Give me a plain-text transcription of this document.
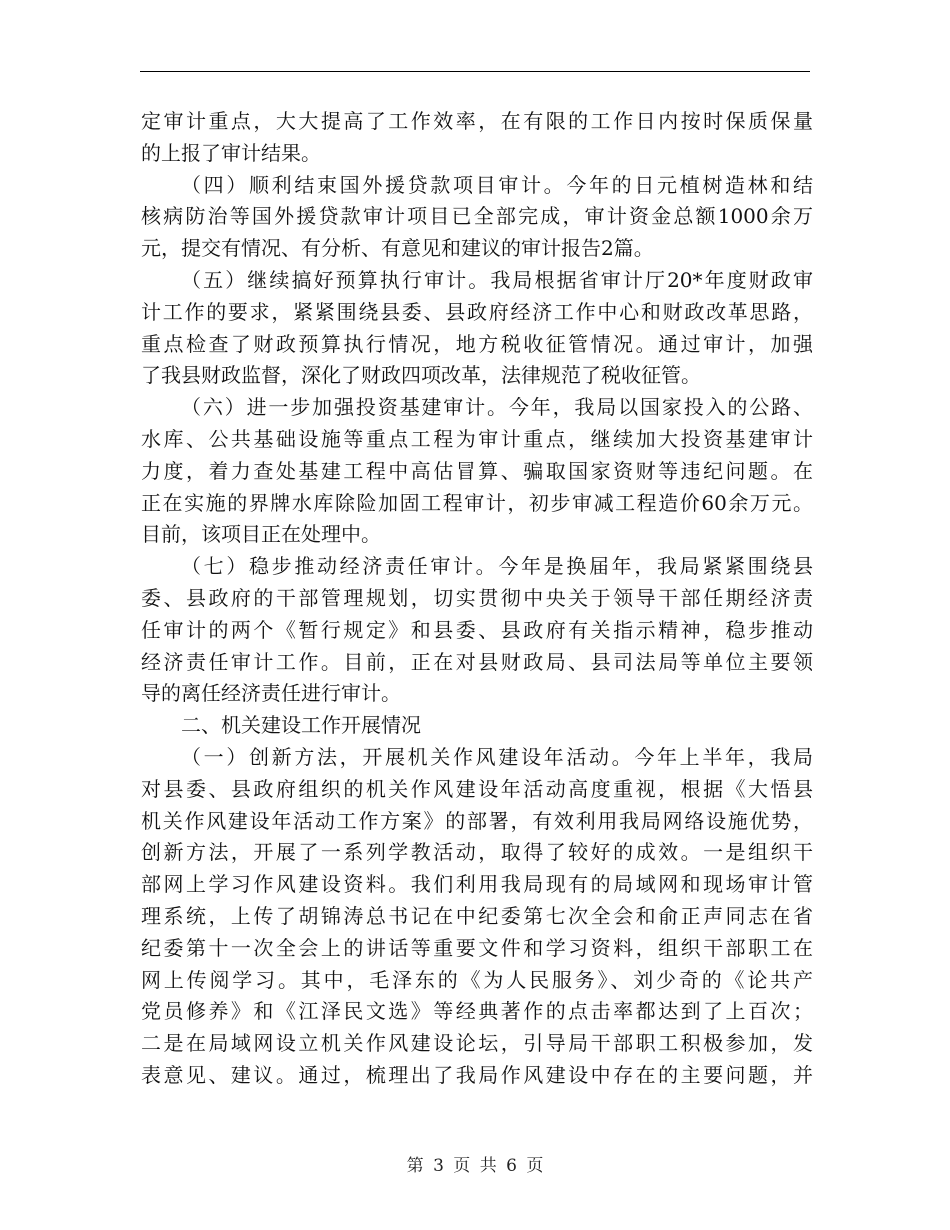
定审计重点，大大提高了工作效率，在有限的工作日内按时保质保量
的上报了审计结果。
（四）顺利结束国外援贷款项目审计。今年的日元植树造林和结
核病防治等国外援贷款审计项目已全部完成，审计资金总额1000余万
元，提交有情况、有分析、有意见和建议的审计报告2篇。
（五）继续搞好预算执行审计。我局根据省审计厅20*年度财政审
计工作的要求，紧紧围绕县委、县政府经济工作中心和财政改革思路，
重点检查了财政预算执行情况，地方税收征管情况。通过审计，加强
了我县财政监督，深化了财政四项改革，法律规范了税收征管。
（六）进一步加强投资基建审计。今年，我局以国家投入的公路、
水库、公共基础设施等重点工程为审计重点，继续加大投资基建审计
力度，着力查处基建工程中高估冒算、骗取国家资财等违纪问题。在
正在实施的界牌水库除险加固工程审计，初步审减工程造价60余万元。
目前，该项目正在处理中。
（七）稳步推动经济责任审计。今年是换届年，我局紧紧围绕县
委、县政府的干部管理规划，切实贯彻中央关于领导干部任期经济责
任审计的两个《暂行规定》和县委、县政府有关指示精神，稳步推动
经济责任审计工作。目前，正在对县财政局、县司法局等单位主要领
导的离任经济责任进行审计。
二、机关建设工作开展情况
（一）创新方法，开展机关作风建设年活动。今年上半年，我局
对县委、县政府组织的机关作风建设年活动高度重视，根据《大悟县
机关作风建设年活动工作方案》的部署，有效利用我局网络设施优势，
创新方法，开展了一系列学教活动，取得了较好的成效。一是组织干
部网上学习作风建设资料。我们利用我局现有的局域网和现场审计管
理系统，上传了胡锦涛总书记在中纪委第七次全会和俞正声同志在省
纪委第十一次全会上的讲话等重要文件和学习资料，组织干部职工在
网上传阅学习。其中，毛泽东的《为人民服务》、刘少奇的《论共产
党员修养》和《江泽民文选》等经典著作的点击率都达到了上百次；
二是在局域网设立机关作风建设论坛，引导局干部职工积极参加，发
表意见、建议。通过，梳理出了我局作风建设中存在的主要问题，并
第 3 页 共 6 页
